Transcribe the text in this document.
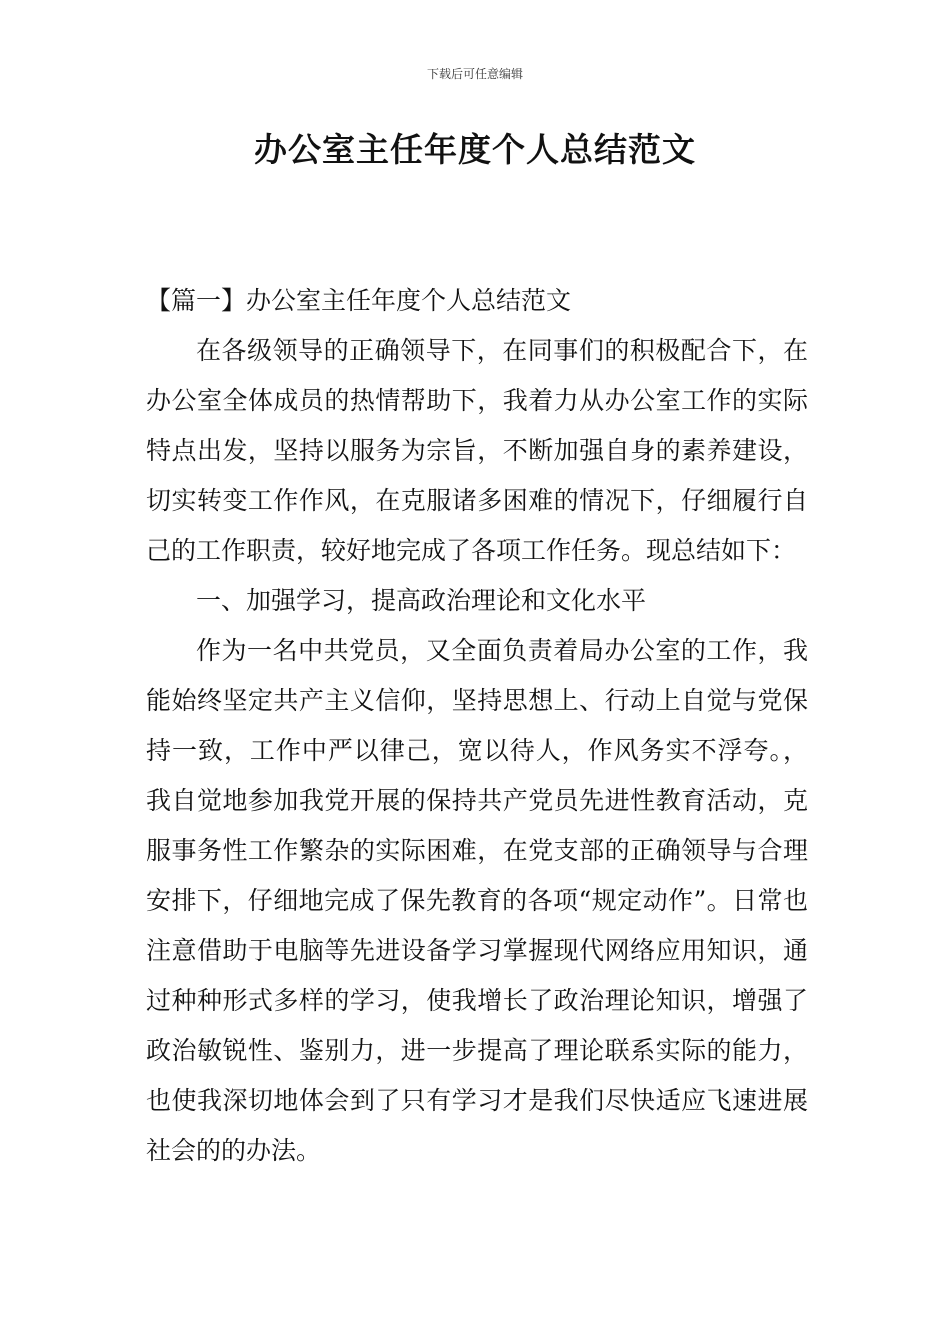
下载后可任意编辑
办公室主任年度个人总结范文

【篇一】办公室主任年度个人总结范文

在各级领导的正确领导下，在同事们的积极配合下，在办公室全体成员的热情帮助下，我着力从办公室工作的实际特点出发，坚持以服务为宗旨，不断加强自身的素养建设，切实转变工作作风，在克服诸多困难的情况下，仔细履行自己的工作职责，较好地完成了各项工作任务。现总结如下：

一、加强学习，提高政治理论和文化水平

作为一名中共党员，又全面负责着局办公室的工作，我能始终坚定共产主义信仰，坚持思想上、行动上自觉与党保持一致，工作中严以律己，宽以待人，作风务实不浮夸。，我自觉地参加我党开展的保持共产党员先进性教育活动，克服事务性工作繁杂的实际困难，在党支部的正确领导与合理安排下，仔细地完成了保先教育的各项“规定动作”。日常也注意借助于电脑等先进设备学习掌握现代网络应用知识，通过种种形式多样的学习，使我增长了政治理论知识，增强了政治敏锐性、鉴别力，进一步提高了理论联系实际的能力，也使我深切地体会到了只有学习才是我们尽快适应飞速进展社会的的办法。
